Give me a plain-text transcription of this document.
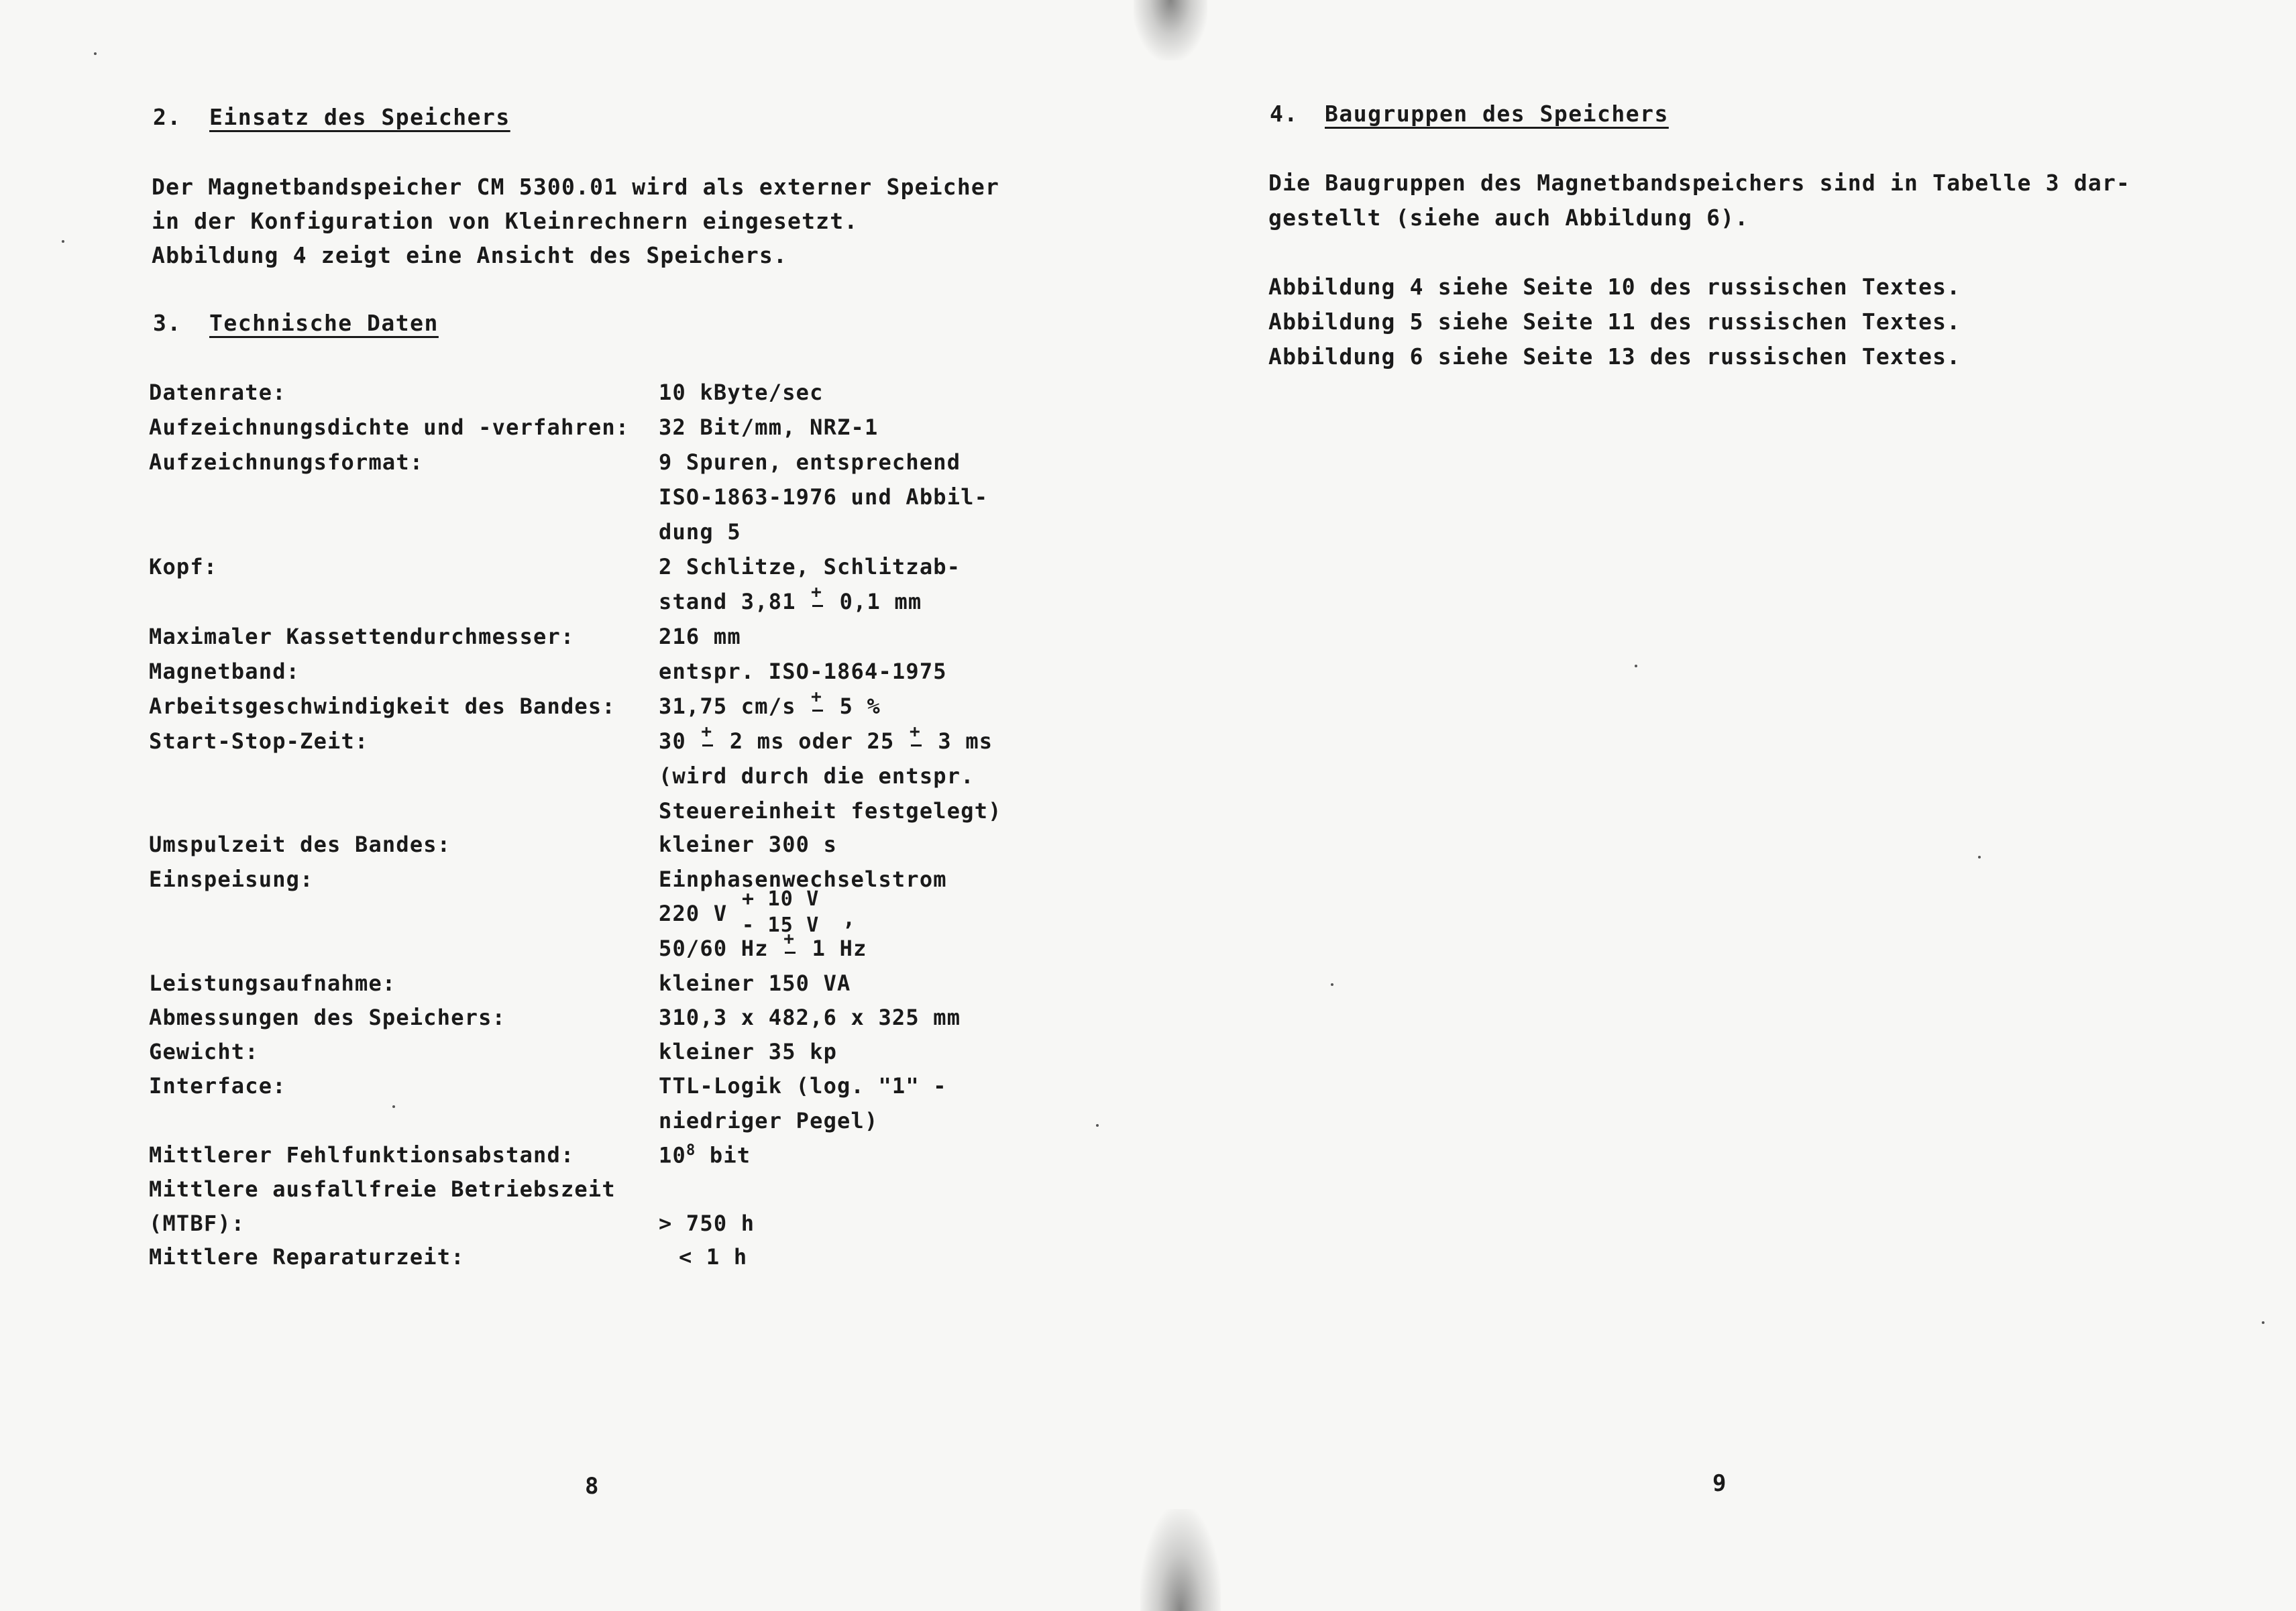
2. Einsatz des Speichers
Der Magnetbandspeicher CM 5300.01 wird als externer Speicher
in der Konfiguration von Kleinrechnern eingesetzt.
Abbildung 4 zeigt eine Ansicht des Speichers.
3. Technische Daten
Datenrate:	10 kByte/sec
Aufzeichnungsdichte und -verfahren: 32 Bit/mm, NRZ-1
Aufzeichnungsformat:	9 Spuren, entsprechend
ISO-1863-1976 und Abbil-
dung 5
Kopf:	2 Schlitze, Schlitzab-
stand 3,81 +  0,1 mm
Maximaler Kassettendurchmesser:	216 mm
Magnetband:	entspr. ISO-1864-1975
Arbeitsgeschwindigkeit des Bandes: 31,75 cm/s +  5 %
Start-Stop-Zeit:	30 +  2 ms oder 25 +  3 ms
(wird durch die entspr.
Steuereinheit festgelegt)
Umspulzeit des Bandes:	kleiner 300 s
Einspeisung:	Einphasenwechselstrom
220 V
+ 10 V
- 15 V ,
50/60 Hz +  1 Hz
Leistungsaufnahme:	kleiner 150 VA
Abmessungen des Speichers:	310,3 x 482,6 x 325 mm
Gewicht:	kleiner 35 kp
Interface:	TTL-Logik (log. "1" -
niedriger Pegel)
Mittlerer Fehlfunktionsabstand:	$10^8$ bit
Mittlere ausfallfreie Betriebszeit
(MTBF):	> 750 h
Mittlere Reparaturzeit:	< 1 h
8
4. Baugruppen des Speichers
Die Baugruppen des Magnetbandspeichers sind in Tabelle 3 dar-
gestellt (siehe auch Abbildung 6).
Abbildung 4 siehe Seite 10 des russischen Textes.
Abbildung 5 siehe Seite 11 des russischen Textes.
Abbildung 6 siehe Seite 13 des russischen Textes.
9
